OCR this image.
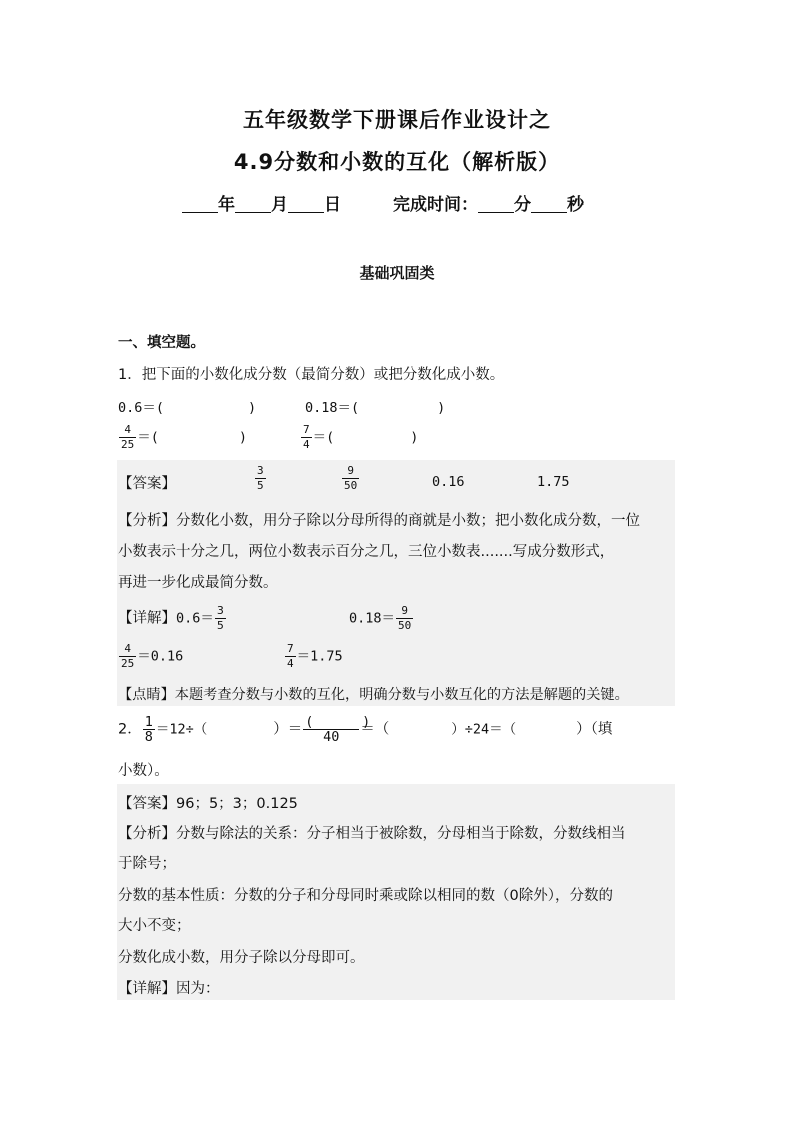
五年级数学下册课后作业设计之
4.9分数和小数的互化（解析版）
年 月 日	完成时间： 分 秒
基础巩固类
一、填空题。
1．把下面的小数化成分数（最简分数）或把分数化成小数。
0.6＝(	)	0.18＝(	)
$\frac{4}{25}$ ＝(	)	$\frac{7}{4}$ ＝(	)
【答案】	$\frac{3}{5}$	$\frac{9}{50}$	0.16	1.75
【分析】分数化小数，用分子除以分母所得的商就是小数；把小数化成分数，一位
小数表示十分之几，两位小数表示百分之几，三位小数表.......写成分数形式，
再进一步化成最简分数。
【详解】$0.6= \frac{3}{5}$	$0.18= \frac{9}{50}$
$\frac{4}{25} =0.16$	$\frac{7}{4} =1.75$
【点睛】本题考查分数与小数的互化，明确分数与小数互化的方法是解题的关键。
2． $\frac{1}{8} =12\div$（	）＝ $\frac{( )}{40}$ ＝（	）÷24＝（	）（填
小数）。
【答案】96；5；3；0.125
【分析】分数与除法的关系：分子相当于被除数，分母相当于除数，分数线相当
于除号；
分数的基本性质：分数的分子和分母同时乘或除以相同的数（0除外），分数的
大小不变；
分数化成小数，用分子除以分母即可。
【详解】因为：
